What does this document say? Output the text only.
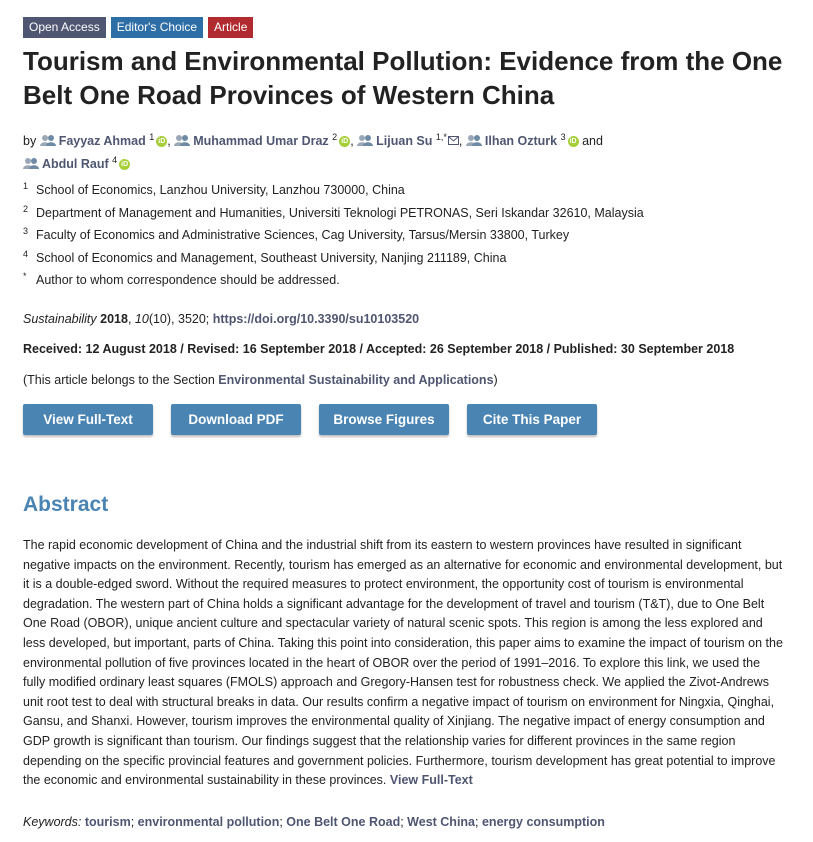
Open Access	Editor's Choice	Article
Tourism and Environmental Pollution: Evidence from the One Belt One Road Provinces of Western China
by Fayyaz Ahmad $^1$ iD , Muhammad Umar Draz $^2$ iD , Lijuan Su $^{1,*}$ , Ilhan Ozturk $^3$ iD and
Abdul Rauf $^4$ iD
1 School of Economics, Lanzhou University, Lanzhou 730000, China
2 Department of Management and Humanities, Universiti Teknologi PETRONAS, Seri Iskandar 32610, Malaysia
3 Faculty of Economics and Administrative Sciences, Cag University, Tarsus/Mersin 33800, Turkey
4 School of Economics and Management, Southeast University, Nanjing 211189, China
* Author to whom correspondence should be addressed.
Sustainability 2018, 10(10), 3520; https://doi.org/10.3390/su10103520
Received: 12 August 2018 / Revised: 16 September 2018 / Accepted: 26 September 2018 / Published: 30 September 2018
(This article belongs to the Section Environmental Sustainability and Applications)
View Full-Text	Download PDF	Browse Figures	Cite This Paper
Abstract
The rapid economic development of China and the industrial shift from its eastern to western provinces have resulted in significant negative impacts on the environment. Recently, tourism has emerged as an alternative for economic and environmental development, but it is a double-edged sword. Without the required measures to protect environment, the opportunity cost of tourism is environmental degradation. The western part of China holds a significant advantage for the development of travel and tourism (T&T), due to One Belt One Road (OBOR), unique ancient culture and spectacular variety of natural scenic spots. This region is among the less explored and less developed, but important, parts of China. Taking this point into consideration, this paper aims to examine the impact of tourism on the environmental pollution of five provinces located in the heart of OBOR over the period of 1991–2016. To explore this link, we used the fully modified ordinary least squares (FMOLS) approach and Gregory-Hansen test for robustness check. We applied the Zivot-Andrews unit root test to deal with structural breaks in data. Our results confirm a negative impact of tourism on environment for Ningxia, Qinghai, Gansu, and Shanxi. However, tourism improves the environmental quality of Xinjiang. The negative impact of energy consumption and GDP growth is significant than tourism. Our findings suggest that the relationship varies for different provinces in the same region depending on the specific provincial features and government policies. Furthermore, tourism development has great potential to improve the economic and environmental sustainability in these provinces. View Full-Text
Keywords: tourism; environmental pollution; One Belt One Road; West China; energy consumption
